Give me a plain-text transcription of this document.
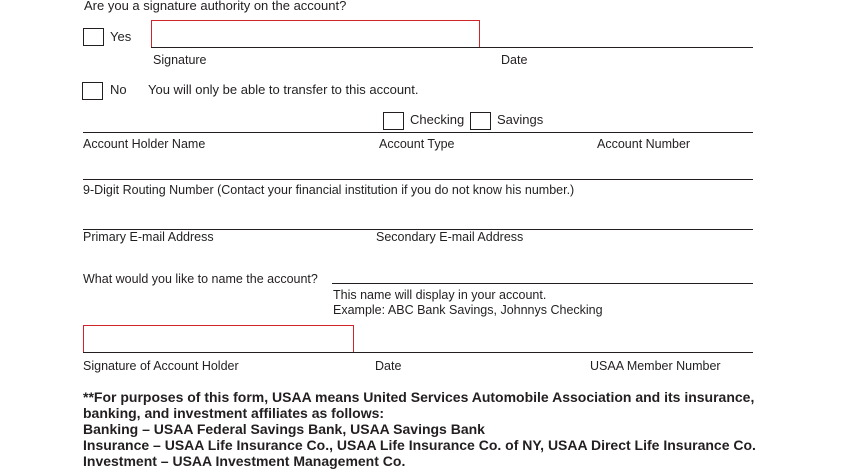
Are you a signature authority on the account?
Yes
Signature	Date
No You will only be able to transfer to this account.
Checking	Savings
Account Holder Name	Account Type	Account Number
9-Digit Routing Number (Contact your financial institution if you do not know his number.)
Primary E-mail Address	Secondary E-mail Address
What would you like to name the account?
This name will display in your account.
Example: ABC Bank Savings, Johnnys Checking
Signature of Account Holder	Date	USAA Member Number
**For purposes of this form, USAA means United Services Automobile Association and its insurance,
banking, and investment affiliates as follows:
Banking – USAA Federal Savings Bank, USAA Savings Bank
Insurance – USAA Life Insurance Co., USAA Life Insurance Co. of NY, USAA Direct Life Insurance Co.
Investment – USAA Investment Management Co.
